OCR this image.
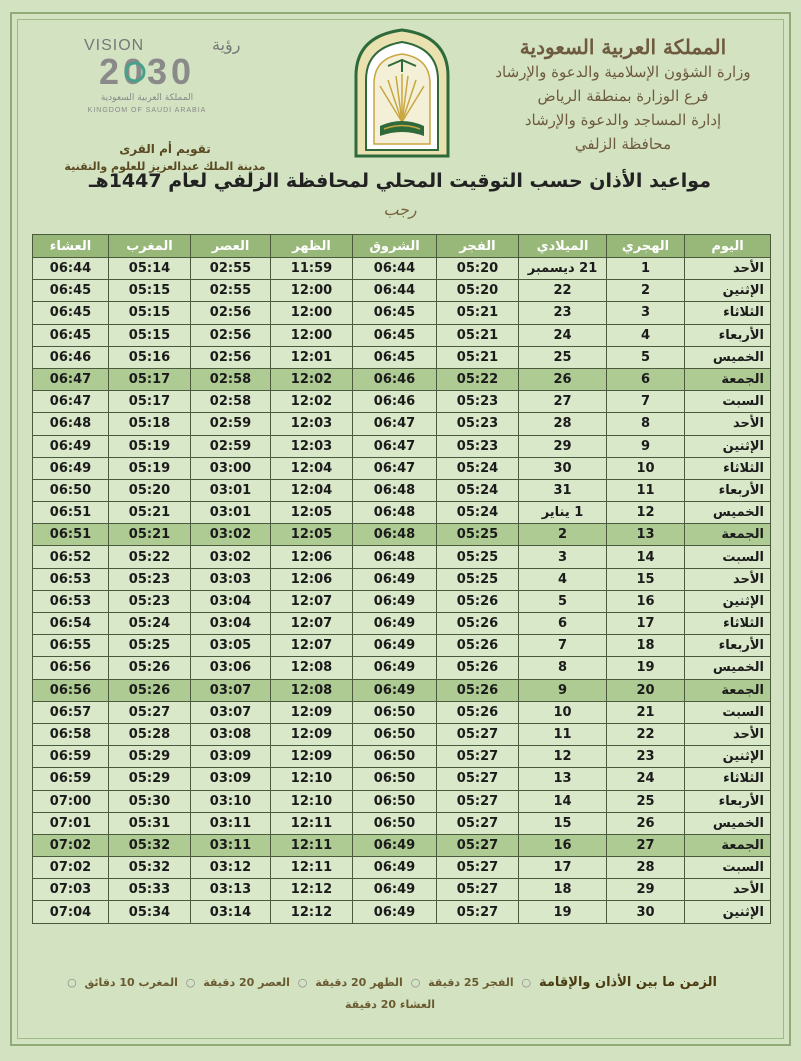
المملكة العربية السعودية
وزارة الشؤون الإسلامية والدعوة والإرشاد
فرع الوزارة بمنطقة الرياض
إدارة المساجد والدعوة والإرشاد
محافظة الزلفي
VISION	رؤية
2030
المملكة العربية السعودية
KINGDOM OF SAUDI ARABIA
تقويم أم القرى
مدينة الملك عبدالعزيز للعلوم والتقنية
مواعيد الأذان حسب التوقيت المحلي لمحافظة الزلفي لعام 1447هـ
رجب
اليوم	الهجري	الميلادي	الفجر	الشروق	الظهر	العصر	المغرب	العشاء
الأحد	1	21 ديسمبر	05:20	06:44	11:59	02:55	05:14	06:44
الإثنين	2	22	05:20	06:44	12:00	02:55	05:15	06:45
الثلاثاء	3	23	05:21	06:45	12:00	02:56	05:15	06:45
الأربعاء	4	24	05:21	06:45	12:00	02:56	05:15	06:45
الخميس	5	25	05:21	06:45	12:01	02:56	05:16	06:46
الجمعة	6	26	05:22	06:46	12:02	02:58	05:17	06:47
السبت	7	27	05:23	06:46	12:02	02:58	05:17	06:47
الأحد	8	28	05:23	06:47	12:03	02:59	05:18	06:48
الإثنين	9	29	05:23	06:47	12:03	02:59	05:19	06:49
الثلاثاء	10	30	05:24	06:47	12:04	03:00	05:19	06:49
الأربعاء	11	31	05:24	06:48	12:04	03:01	05:20	06:50
الخميس	12	1 يناير	05:24	06:48	12:05	03:01	05:21	06:51
الجمعة	13	2	05:25	06:48	12:05	03:02	05:21	06:51
السبت	14	3	05:25	06:48	12:06	03:02	05:22	06:52
الأحد	15	4	05:25	06:49	12:06	03:03	05:23	06:53
الإثنين	16	5	05:26	06:49	12:07	03:04	05:23	06:53
الثلاثاء	17	6	05:26	06:49	12:07	03:04	05:24	06:54
الأربعاء	18	7	05:26	06:49	12:07	03:05	05:25	06:55
الخميس	19	8	05:26	06:49	12:08	03:06	05:26	06:56
الجمعة	20	9	05:26	06:49	12:08	03:07	05:26	06:56
السبت	21	10	05:26	06:50	12:09	03:07	05:27	06:57
الأحد	22	11	05:27	06:50	12:09	03:08	05:28	06:58
الإثنين	23	12	05:27	06:50	12:09	03:09	05:29	06:59
الثلاثاء	24	13	05:27	06:50	12:10	03:09	05:29	06:59
الأربعاء	25	14	05:27	06:50	12:10	03:10	05:30	07:00
الخميس	26	15	05:27	06:50	12:11	03:11	05:31	07:01
الجمعة	27	16	05:27	06:49	12:11	03:11	05:32	07:02
السبت	28	17	05:27	06:49	12:11	03:12	05:32	07:02
الأحد	29	18	05:27	06:49	12:12	03:13	05:33	07:03
الإثنين	30	19	05:27	06:49	12:12	03:14	05:34	07:04
الزمن ما بين الأذان والإقامة ○ الفجر 25 دقيقة ○ الظهر 20 دقيقة ○ العصر 20 دقيقة ○ المغرب 10 دقائق ○ العشاء 20 دقيقة
